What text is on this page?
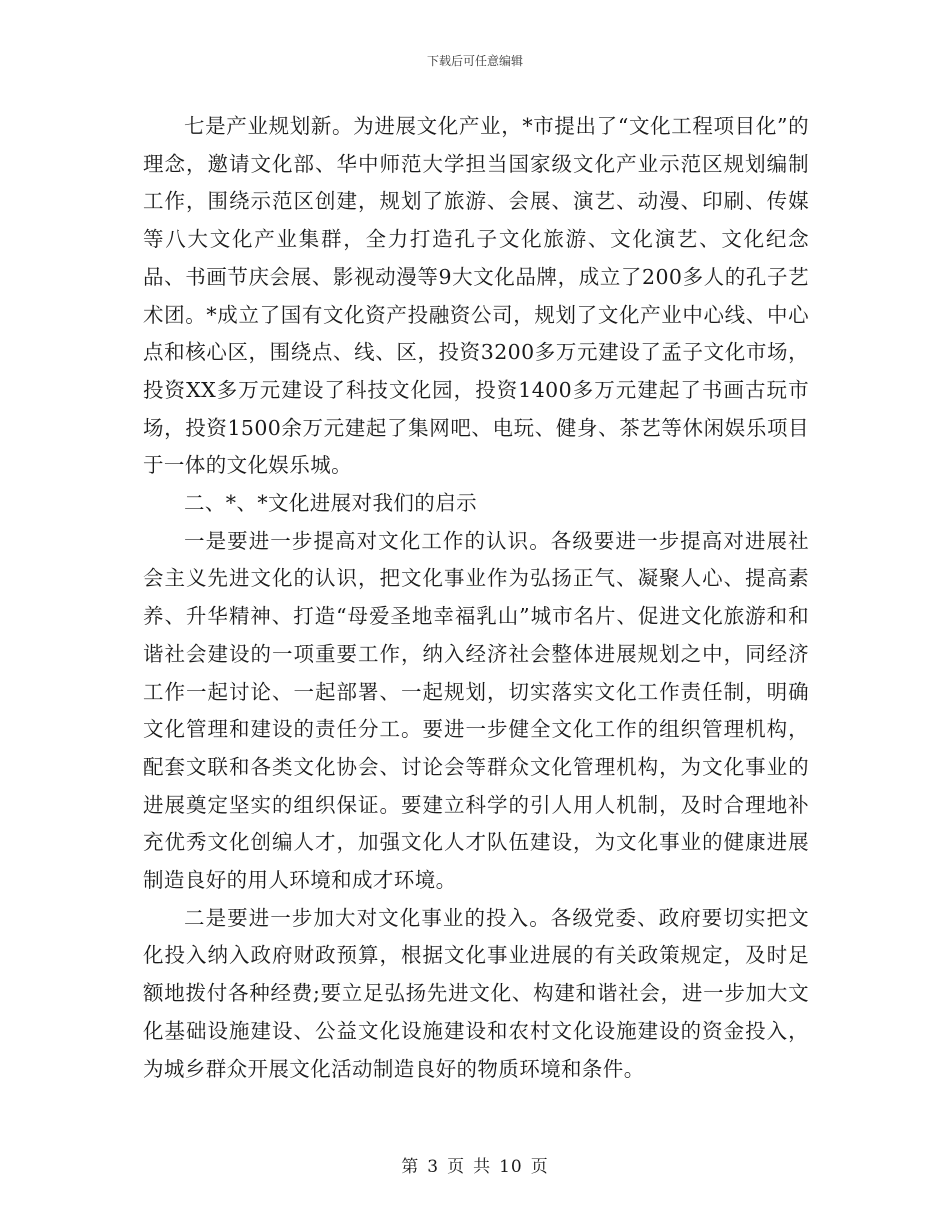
下载后可任意编辑

七是产业规划新。为进展文化产业，*市提出了“文化工程项目化”的理念，邀请文化部、华中师范大学担当国家级文化产业示范区规划编制工作，围绕示范区创建，规划了旅游、会展、演艺、动漫、印刷、传媒等八大文化产业集群，全力打造孔子文化旅游、文化演艺、文化纪念品、书画节庆会展、影视动漫等9大文化品牌，成立了200多人的孔子艺术团。*成立了国有文化资产投融资公司，规划了文化产业中心线、中心点和核心区，围绕点、线、区，投资3200多万元建设了孟子文化市场，投资XX多万元建设了科技文化园，投资1400多万元建起了书画古玩市场，投资1500余万元建起了集网吧、电玩、健身、茶艺等休闲娱乐项目于一体的文化娱乐城。

二、*、*文化进展对我们的启示

一是要进一步提高对文化工作的认识。各级要进一步提高对进展社会主义先进文化的认识，把文化事业作为弘扬正气、凝聚人心、提高素养、升华精神、打造“母爱圣地幸福乳山”城市名片、促进文化旅游和和谐社会建设的一项重要工作，纳入经济社会整体进展规划之中，同经济工作一起讨论、一起部署、一起规划，切实落实文化工作责任制，明确文化管理和建设的责任分工。要进一步健全文化工作的组织管理机构，配套文联和各类文化协会、讨论会等群众文化管理机构，为文化事业的进展奠定坚实的组织保证。要建立科学的引人用人机制，及时合理地补充优秀文化创编人才，加强文化人才队伍建设，为文化事业的健康进展制造良好的用人环境和成才环境。

二是要进一步加大对文化事业的投入。各级党委、政府要切实把文化投入纳入政府财政预算，根据文化事业进展的有关政策规定，及时足额地拨付各种经费;要立足弘扬先进文化、构建和谐社会，进一步加大文化基础设施建设、公益文化设施建设和农村文化设施建设的资金投入，为城乡群众开展文化活动制造良好的物质环境和条件。

第 3 页 共 10 页
